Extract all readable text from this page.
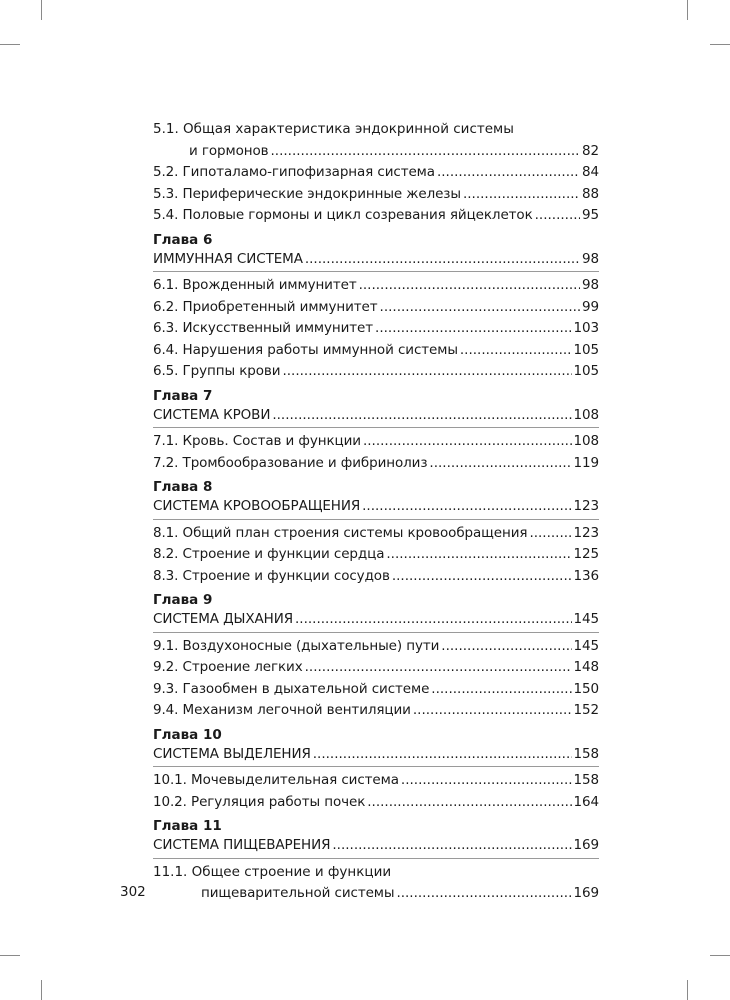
5.1. Общая характеристика эндокринной системы
и гормонов .....	82
5.2. Гипоталамо-гипофизарная система .....	84
5.3. Периферические эндокринные железы .....	88
5.4. Половые гормоны и цикл созревания яйцеклеток .....	95
Глава 6
ИММУННАЯ СИСТЕМА .....	98
6.1. Врожденный иммунитет .....	98
6.2. Приобретенный иммунитет .....	99
6.3. Искусственный иммунитет .....	103
6.4. Нарушения работы иммунной системы .....	105
6.5. Группы крови .....	105
Глава 7
СИСТЕМА КРОВИ .....	108
7.1. Кровь. Состав и функции .....	108
7.2. Тромбообразование и фибринолиз .....	119
Глава 8
СИСТЕМА КРОВООБРАЩЕНИЯ .....	123
8.1. Общий план строения системы кровообращения .....	123
8.2. Строение и функции сердца .....	125
8.3. Строение и функции сосудов .....	136
Глава 9
СИСТЕМА ДЫХАНИЯ .....	145
9.1. Воздухоносные (дыхательные) пути .....	145
9.2. Строение легких .....	148
9.3. Газообмен в дыхательной системе .....	150
9.4. Механизм легочной вентиляции .....	152
Глава 10
СИСТЕМА ВЫДЕЛЕНИЯ .....	158
10.1. Мочевыделительная система .....	158
10.2. Регуляция работы почек .....	164
Глава 11
СИСТЕМА ПИЩЕВАРЕНИЯ .....	169
11.1. Общее строение и функции
пищеварительной системы .....	169
302
